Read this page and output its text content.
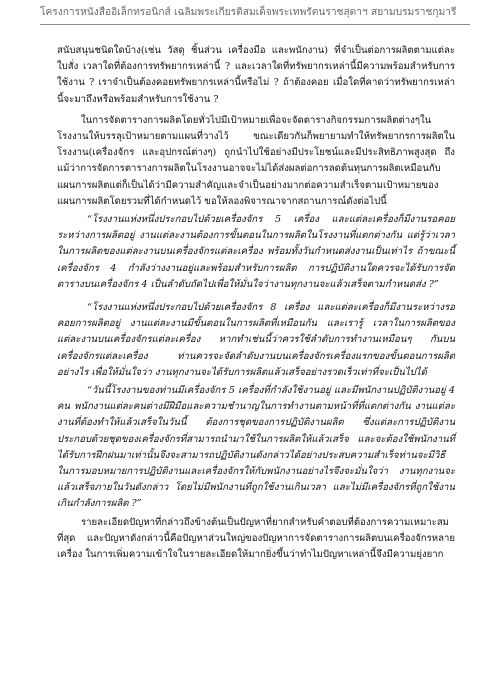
โครงการหนังสืออิเล็กทรอนิกส์ เฉลิมพระเกียรติสมเด็จพระเทพรัตนราชสุดาฯ สยามบรมราชกุมารี

สนับสนุนชนิดใดบ้าง(เช่น วัสดุ ชิ้นส่วน เครื่องมือ และพนักงาน) ที่จำเป็นต่อการผลิตตามแต่ละใบสั่ง เวลาใดที่ต้องการทรัพยากรเหล่านี้ ? และเวลาใดที่ทรัพยากรเหล่านี้มีความพร้อมสำหรับการใช้งาน ? เราจำเป็นต้องคอยทรัพยากรเหล่านี้หรือไม่ ? ถ้าต้องคอย เมื่อใดที่คาดว่าทรัพยากรเหล่านี้จะมาถึงหรือพร้อมสำหรับการใช้งาน ?

ในการจัดตารางการผลิตโดยทั่วไปมีเป้าหมายเพื่อจะจัดตารางกิจกรรมการผลิตต่างๆในโรงงานให้บรรลุเป้าหมายตามแผนที่วางไว้ ขณะเดียวกันก็พยายามทำให้ทรัพยากรการผลิตในโรงงาน(เครื่องจักร และอุปกรณ์ต่างๆ) ถูกนำไปใช้อย่างมีประโยชน์และมีประสิทธิภาพสูงสุด ถึงแม้ว่าการจัดการตารางการผลิตในโรงงานอาจจะไม่ได้ส่งผลต่อการลดต้นทุนการผลิตเหมือนกับแผนการผลิตแต่ก็เป็นได้ว่ามีความสำคัญและจำเป็นอย่างมากต่อความสำเร็จตามเป้าหมายของแผนการผลิตโดยรวมที่ได้กำหนดไว้ ขอให้ลองพิจารณาจากสถานการณ์ดังต่อไปนี้

“โรงงานแห่งหนึ่งประกอบไปด้วยเครื่องจักร 5 เครื่อง และแต่ละเครื่องก็มีงานรอคอยระหว่างการผลิตอยู่ งานแต่ละงานต้องการขั้นตอนในการผลิตในโรงงานที่แตกต่างกัน แต่รู้ว่าเวลาในการผลิตของแต่ละงานบนเครื่องจักรแต่ละเครื่อง พร้อมทั้งวันกำหนดส่งงานเป็นเท่าไร ถ้าขณะนี้เครื่องจักร 4 กำลังว่างงานอยู่และพร้อมสำหรับการผลิต การปฏิบัติงานใดควรจะได้รับการจัดตารางบนเครื่องจักร 4 เป็นลำดับถัดไปเพื่อให้มั่นใจว่างานทุกงานจะแล้วเสร็จตามกำหนดส่ง ?”

“โรงงานแห่งหนึ่งประกอบไปด้วยเครื่องจักร 8 เครื่อง และแต่ละเครื่องก็มีงานระหว่างรอคอยการผลิตอยู่ งานแต่ละงานมีขั้นตอนในการผลิตที่เหมือนกัน และเรารู้ เวลาในการผลิตของแต่ละงานบนเครื่องจักรแต่ละเครื่อง หากทำเช่นนี้ว่าควรใช้ลำดับการทำงานเหมือนๆ กันบนเครื่องจักรแต่ละเครื่อง ท่านควรจะจัดลำดับงานบนเครื่องจักรเครื่องแรกของขั้นตอนการผลิตอย่างไร เพื่อให้มั่นใจว่า งานทุกงานจะได้รับการผลิตแล้วเสร็จอย่างรวดเร็วเท่าที่จะเป็นไปได้

“วันนี้โรงงานของท่านมีเครื่องจักร 5 เครื่องที่กำลังใช้งานอยู่ และมีพนักงานปฏิบัติงานอยู่ 4 คน พนักงานแต่ละคนต่างมีฝีมือและความชำนาญในการทำงานตามหน้าที่ที่แตกต่างกัน งานแต่ละงานที่ต้องทำให้แล้วเสร็จในวันนี้ ต้องการชุดของการปฏิบัติงานผลิต ซึ่งแต่ละการปฏิบัติงานประกอบด้วยชุดของเครื่องจักรที่สามารถนำมาใช้ในการผลิตให้แล้วเสร็จ และจะต้องใช้พนักงานที่ได้รับการฝึกฝนมาเท่านั้นจึงจะสามารถปฏิบัติงานดังกล่าวได้อย่างประสบความสำเร็จท่านจะมีวิธีในการมอบหมายการปฏิบัติงานและเครื่องจักรให้กับพนักงานอย่างไรจึงจะมั่นใจว่า งานทุกงานจะแล้วเสร็จภายในวันดังกล่าว โดยไม่มีพนักงานที่ถูกใช้งานเกินเวลา และไม่มีเครื่องจักรที่ถูกใช้งานเกินกำลังการผลิต ?”

รายละเอียดปัญหาที่กล่าวถึงข้างต้นเป็นปัญหาที่ยากสำหรับคำตอบที่ต้องการความเหมาะสมที่สุด และปัญหาดังกล่าวนี้คือปัญหาส่วนใหญ่ของปัญหาการจัดตารางการผลิตบนเครื่องจักรหลายเครื่อง ในการเพิ่มความเข้าใจในรายละเอียดให้มากยิ่งขึ้นว่าทำไมปัญหาเหล่านี้จึงมีความยุ่งยาก
